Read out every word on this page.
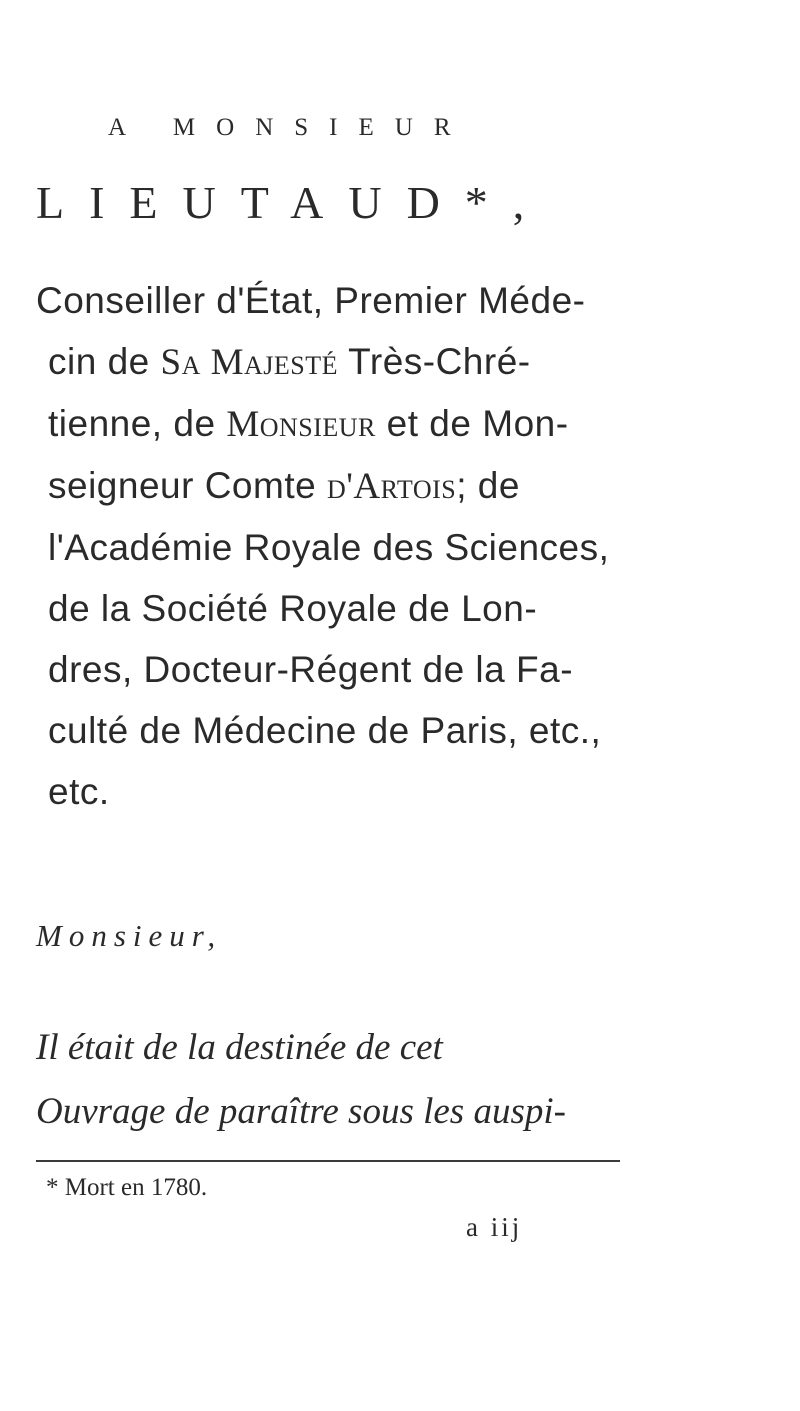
A MONSIEUR
LIEUTAUD*,
Conseiller d'État, Premier Méde-
cin de Sa Majesté Très-Chré-
tienne, de Monsieur et de Mon-
seigneur Comte d'Artois; de
l'Académie Royale des Sciences,
de la Société Royale de Lon-
dres, Docteur-Régent de la Fa-
culté de Médecine de Paris, etc.,
etc.
Monsieur,
Il était de la destinée de cet
Ouvrage de paraître sous les auspi-
* Mort en 1780.
a iij
